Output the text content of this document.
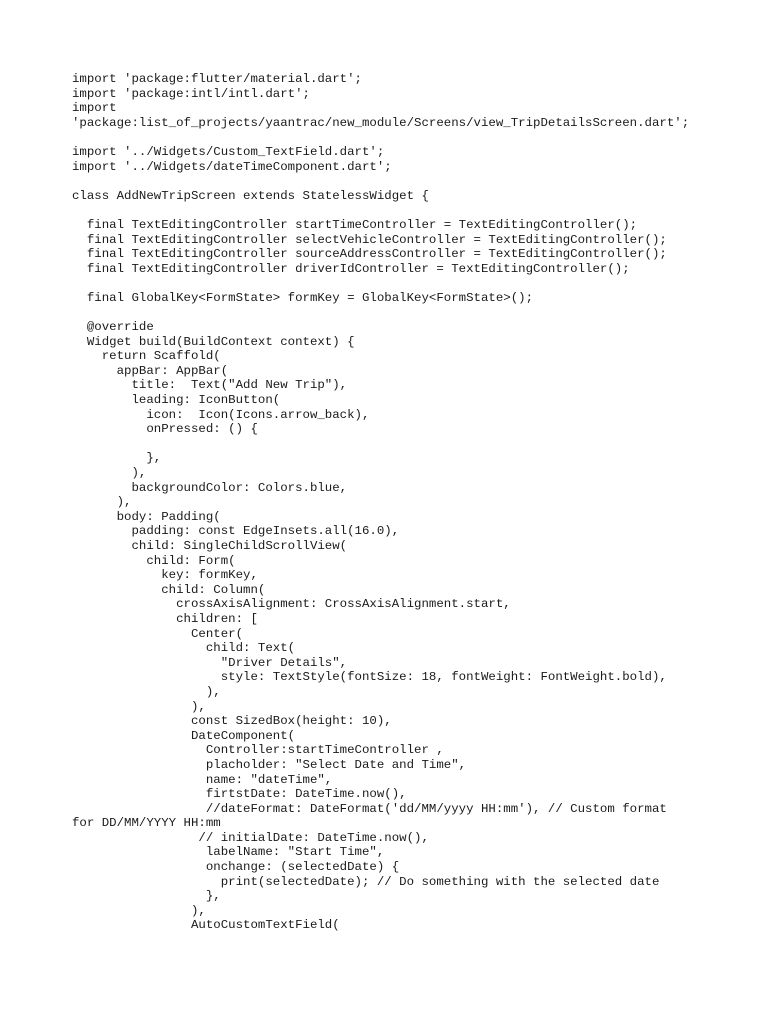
import 'package:flutter/material.dart';
import 'package:intl/intl.dart';
import
'package:list_of_projects/yaantrac/new_module/Screens/view_TripDetailsScreen.dart';
import '../Widgets/Custom_TextField.dart';
import '../Widgets/dateTimeComponent.dart';
class AddNewTripScreen extends StatelessWidget {
final TextEditingController startTimeController = TextEditingController();
final TextEditingController selectVehicleController = TextEditingController();
final TextEditingController sourceAddressController = TextEditingController();
final TextEditingController driverIdController = TextEditingController();
final GlobalKey<FormState> formKey = GlobalKey<FormState>();
@override
Widget build(BuildContext context) {
return Scaffold(
appBar: AppBar(
title:  Text("Add New Trip"),
leading: IconButton(
icon:  Icon(Icons.arrow_back),
onPressed: () {
},
),
backgroundColor: Colors.blue,
),
body: Padding(
padding: const EdgeInsets.all(16.0),
child: SingleChildScrollView(
child: Form(
key: formKey,
child: Column(
crossAxisAlignment: CrossAxisAlignment.start,
children: [
Center(
child: Text(
"Driver Details",
style: TextStyle(fontSize: 18, fontWeight: FontWeight.bold),
),
),
const SizedBox(height: 10),
DateComponent(
Controller:startTimeController ,
placholder: "Select Date and Time",
name: "dateTime",
firtstDate: DateTime.now(),
//dateFormat: DateFormat('dd/MM/yyyy HH:mm'), // Custom format
for DD/MM/YYYY HH:mm
// initialDate: DateTime.now(),
labelName: "Start Time",
onchange: (selectedDate) {
print(selectedDate); // Do something with the selected date
},
),
AutoCustomTextField(
